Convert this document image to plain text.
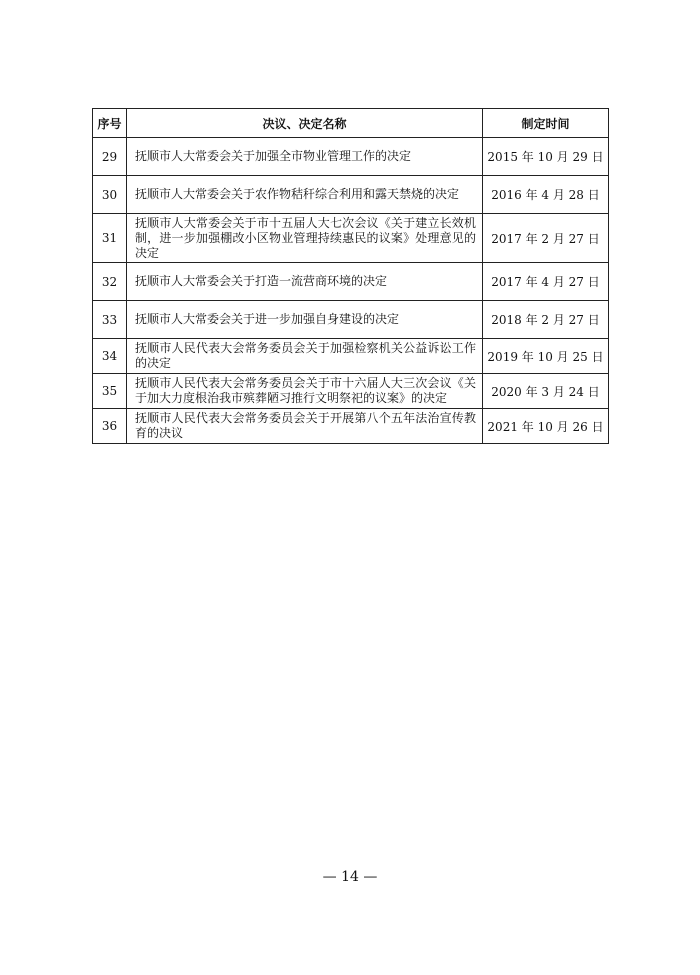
序号	决议、决定名称	制定时间
29	抚顺市人大常委会关于加强全市物业管理工作的决定	2015 年 10 月 29 日
30	抚顺市人大常委会关于农作物秸秆综合利用和露天禁烧的决定	2016 年 4 月 28 日
31	抚顺市人大常委会关于市十五届人大七次会议《关于建立长效机制，进一步加强棚改小区物业管理持续惠民的议案》处理意见的决定	2017 年 2 月 27 日
32	抚顺市人大常委会关于打造一流营商环境的决定	2017 年 4 月 27 日
33	抚顺市人大常委会关于进一步加强自身建设的决定	2018 年 2 月 27 日
34	抚顺市人民代表大会常务委员会关于加强检察机关公益诉讼工作的决定	2019 年 10 月 25 日
35	抚顺市人民代表大会常务委员会关于市十六届人大三次会议《关于加大力度根治我市殡葬陋习推行文明祭祀的议案》的决定	2020 年 3 月 24 日
36	抚顺市人民代表大会常务委员会关于开展第八个五年法治宣传教育的决议	2021 年 10 月 26 日
— 14 —
